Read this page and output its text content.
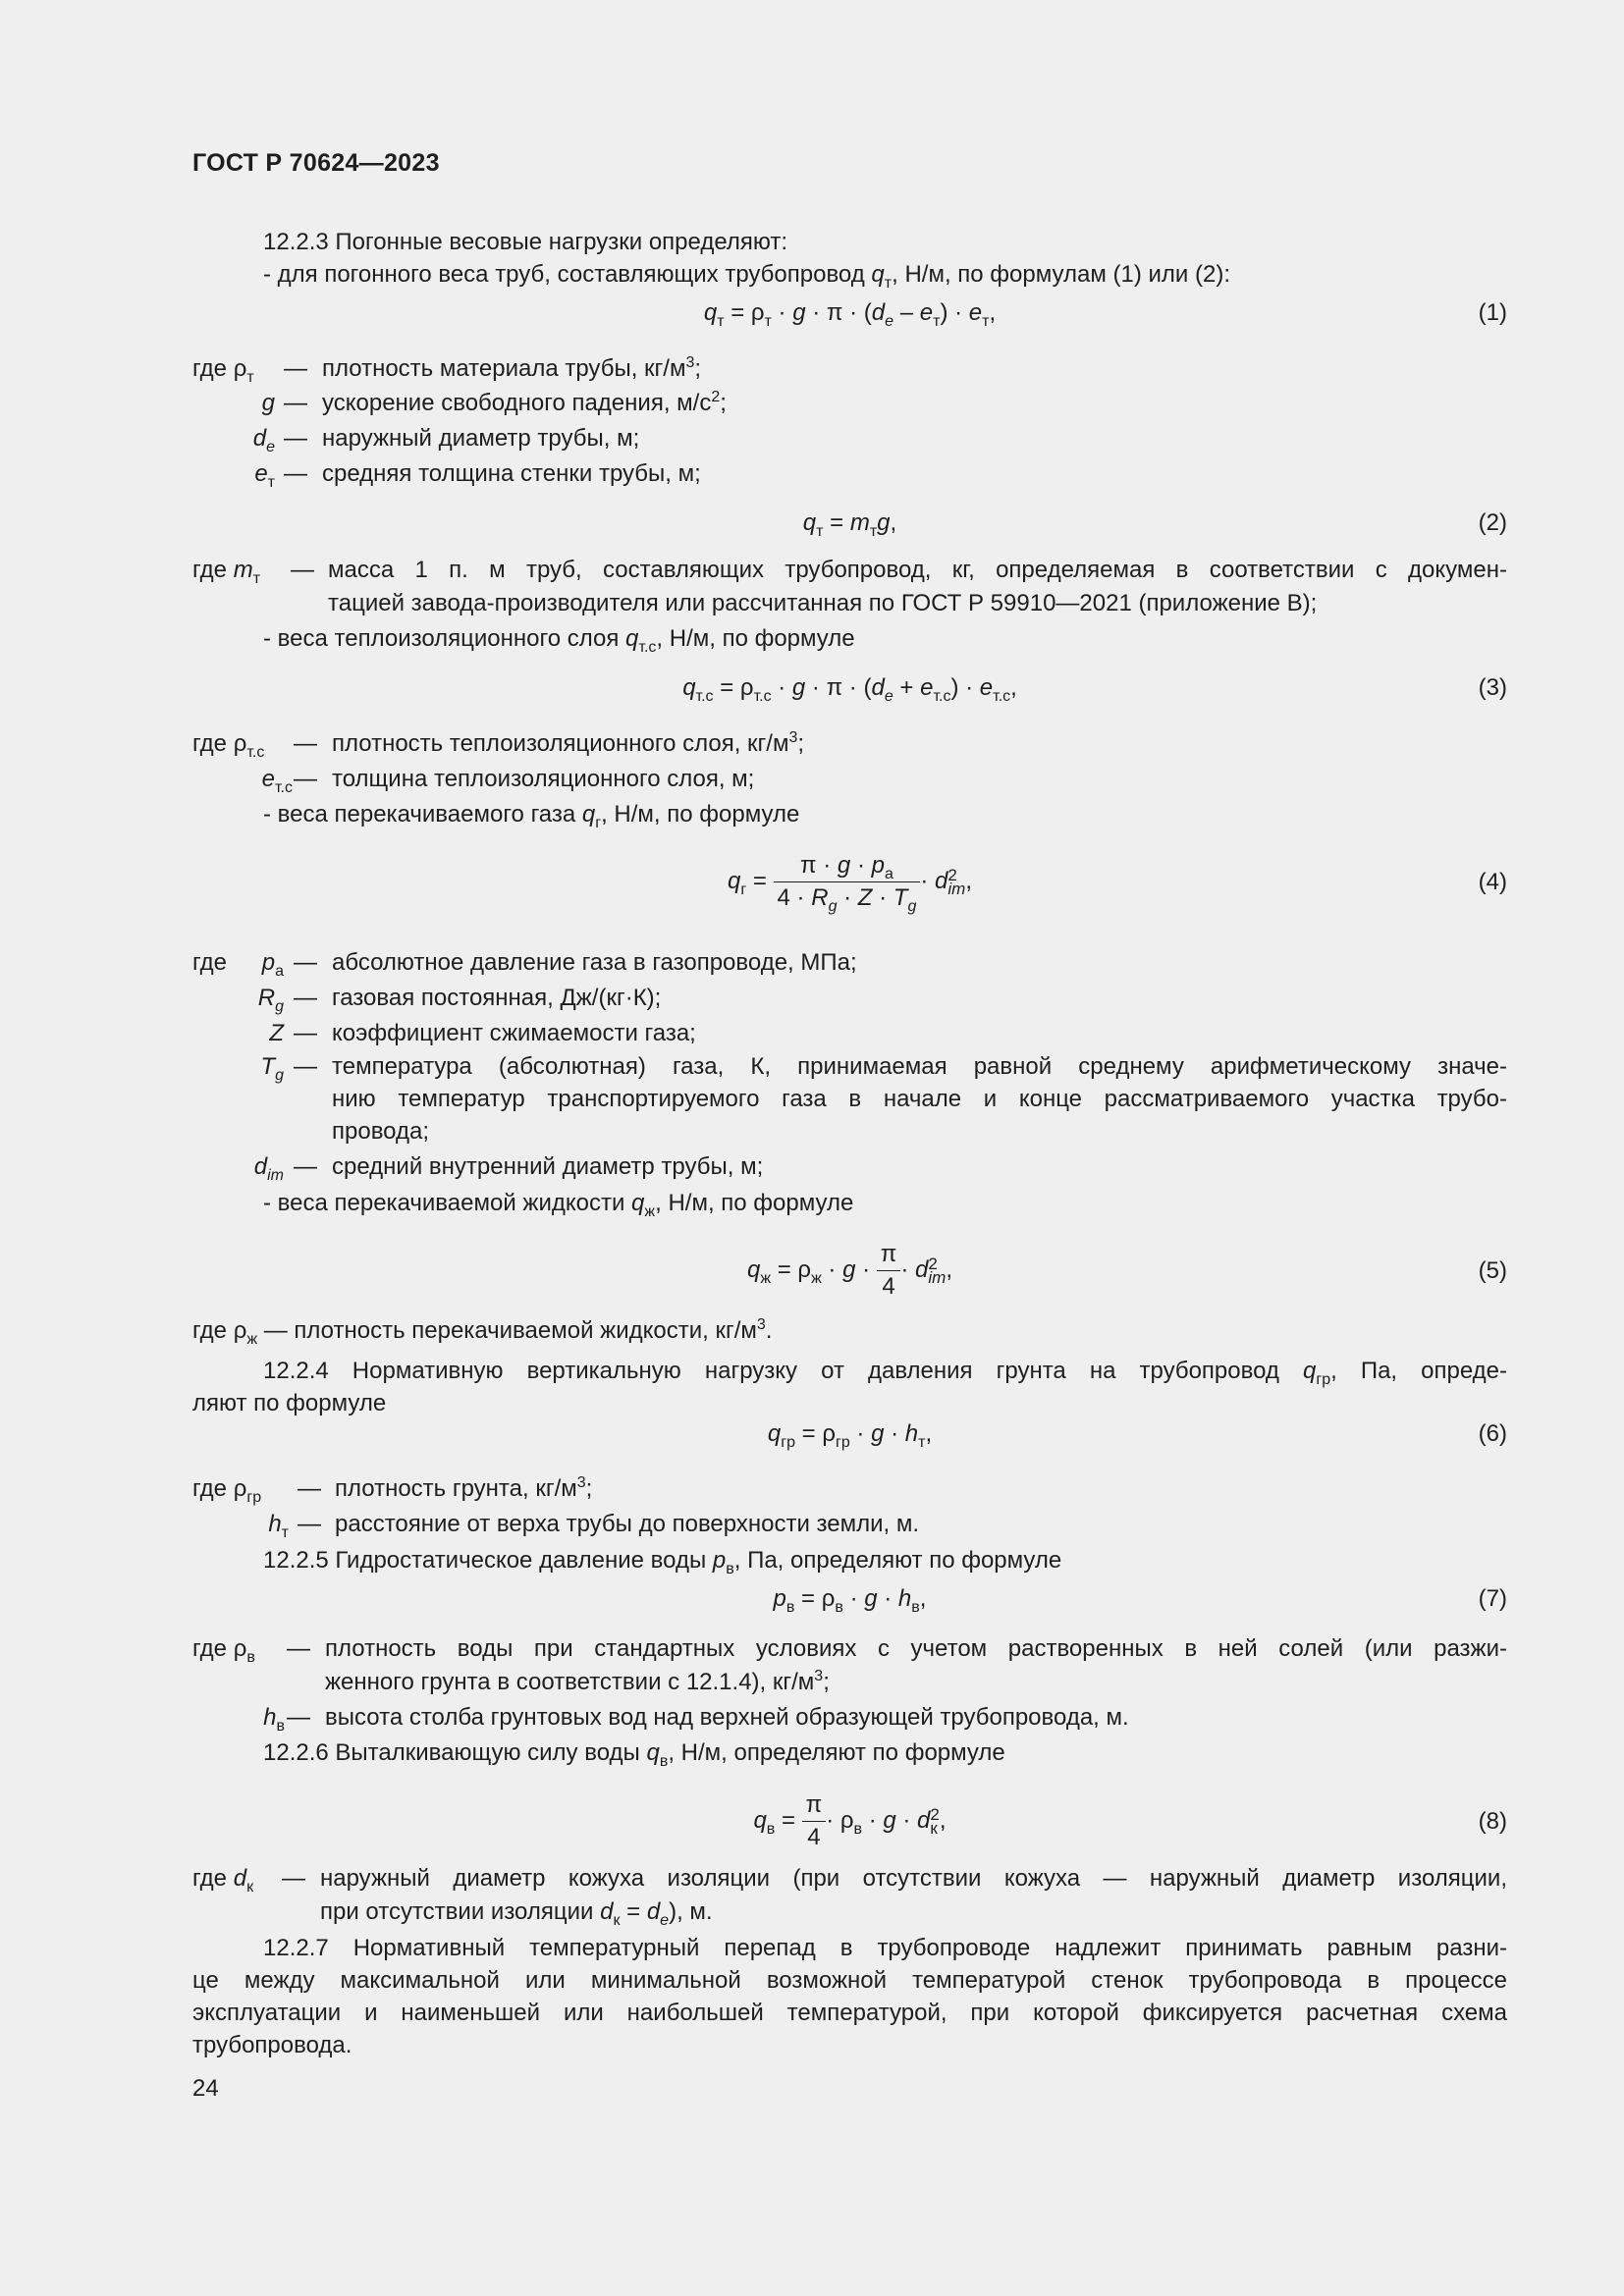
ГОСТ Р 70624—2023
12.2.3 Погонные весовые нагрузки определяют:
- для погонного веса труб, составляющих трубопровод $q_т$, Н/м, по формулам (1) или (2):
$q_т = \rho_т \cdot g \cdot \pi \cdot (d_e - e_т) \cdot e_т$,	(1)
где $\rho_т$ — плотность материала трубы, $кг/м^3$;
g — ускорение свободного падения, $м/с^2$;
$d_e$ — наружный диаметр трубы, м;
$e_т$ — средняя толщина стенки трубы, м;
$q_т = m_тg$,	(2)
где $m_т$ — масса 1 п. м труб, составляющих трубопровод, кг, определяемая в соответствии с докумен-
тацией завода-производителя или рассчитанная по ГОСТ Р 59910—2021 (приложение В);
- веса теплоизоляционного слоя $q_{т.с}$, Н/м, по формуле
$q_{т.с} = \rho_{т.с} \cdot g \cdot \pi \cdot (d_e + e_{т.с}) \cdot e_{т.с}$,	(3)
где $\rho_{т.с}$ — плотность теплоизоляционного слоя, $кг/м^3$;
$e_{т.с}$ — толщина теплоизоляционного слоя, м;
- веса перекачиваемого газа $q_г$, Н/м, по формуле
$q_г = \frac{\pi \cdot g \cdot p_a}{4 \cdot R_g \cdot Z \cdot T_g} \cdot d$ 2
im ,	(4)
где $p_a$ — абсолютное давление газа в газопроводе, МПа;
$R_g$ — газовая постоянная, Дж/(кг·К);
Z — коэффициент сжимаемости газа;
$T_g$ — температура (абсолютная) газа, К, принимаемая равной среднему арифметическому значе-
нию температур транспортируемого газа в начале и конце рассматриваемого участка трубо-
провода;
$d_{im}$ — средний внутренний диаметр трубы, м;
- веса перекачиваемой жидкости $q_ж$, Н/м, по формуле
$q_ж = \rho_ж \cdot g \cdot \frac{\pi}{4} \cdot d$ 2
im ,	(5)
где $\rho_ж$ — плотность перекачиваемой жидкости, $кг/м^3$.
12.2.4 Нормативную вертикальную нагрузку от давления грунта на трубопровод $q_{гр}$, Па, опреде-
ляют по формуле
$q_{гр} = \rho_{гр} \cdot g \cdot h_т$,	(6)
где $\rho_{гр}$ — плотность грунта, $кг/м^3$;
$h_т$ — расстояние от верха трубы до поверхности земли, м.
12.2.5 Гидростатическое давление воды $p_в$, Па, определяют по формуле
$p_в = \rho_в \cdot g \cdot h_в$,	(7)
где $\rho_в$ — плотность воды при стандартных условиях с учетом растворенных в ней солей (или разжи-
женного грунта в соответствии с 12.1.4), $кг/м^3$;
$h_в$ — высота столба грунтовых вод над верхней образующей трубопровода, м.
12.2.6 Выталкивающую силу воды $q_в$, Н/м, определяют по формуле
$q_в = \frac{\pi}{4} \cdot \rho_в \cdot g \cdot d$ 2
к ,	(8)
где $d_к$ — наружный диаметр кожуха изоляции (при отсутствии кожуха — наружный диаметр изоляции,
при отсутствии изоляции $d_к = d_e$), м.
12.2.7 Нормативный температурный перепад в трубопроводе надлежит принимать равным разни-
це между максимальной или минимальной возможной температурой стенок трубопровода в процессе
эксплуатации и наименьшей или наибольшей температурой, при которой фиксируется расчетная схема
трубопровода.
24
